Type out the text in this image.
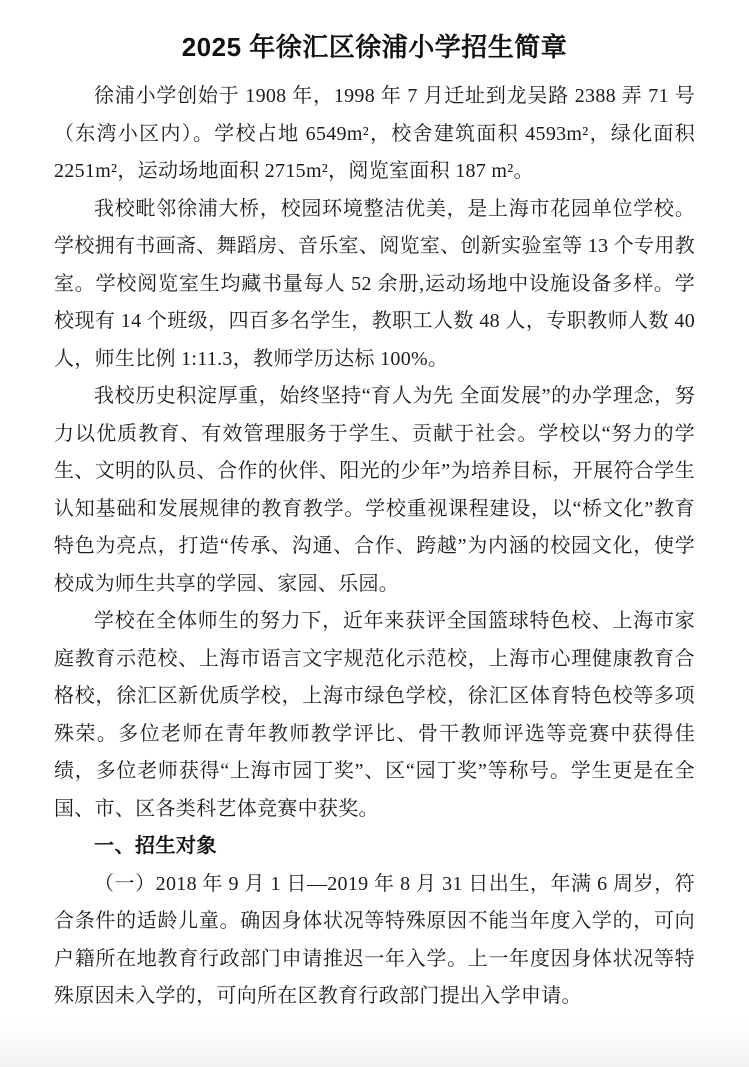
2025 年徐汇区徐浦小学招生简章

徐浦小学创始于 1908 年，1998 年 7 月迁址到龙吴路 2388 弄 71 号（东湾小区内）。学校占地 6549m²，校舍建筑面积 4593m²，绿化面积 2251m²，运动场地面积 2715m²，阅览室面积 187 m²。

我校毗邻徐浦大桥，校园环境整洁优美，是上海市花园单位学校。学校拥有书画斋、舞蹈房、音乐室、阅览室、创新实验室等 13 个专用教室。学校阅览室生均藏书量每人 52 余册,运动场地中设施设备多样。学校现有 14 个班级，四百多名学生，教职工人数 48 人，专职教师人数 40 人，师生比例 1:11.3，教师学历达标 100%。

我校历史积淀厚重，始终坚持“育人为先 全面发展”的办学理念，努力以优质教育、有效管理服务于学生、贡献于社会。学校以“努力的学生、文明的队员、合作的伙伴、阳光的少年”为培养目标，开展符合学生认知基础和发展规律的教育教学。学校重视课程建设，以“桥文化”教育特色为亮点，打造“传承、沟通、合作、跨越”为内涵的校园文化，使学校成为师生共享的学园、家园、乐园。

学校在全体师生的努力下，近年来获评全国篮球特色校、上海市家庭教育示范校、上海市语言文字规范化示范校，上海市心理健康教育合格校，徐汇区新优质学校，上海市绿色学校，徐汇区体育特色校等多项殊荣。多位老师在青年教师教学评比、骨干教师评选等竞赛中获得佳绩，多位老师获得“上海市园丁奖”、区“园丁奖”等称号。学生更是在全国、市、区各类科艺体竞赛中获奖。

一、招生对象

（一）2018 年 9 月 1 日—2019 年 8 月 31 日出生，年满 6 周岁，符合条件的适龄儿童。确因身体状况等特殊原因不能当年度入学的，可向户籍所在地教育行政部门申请推迟一年入学。上一年度因身体状况等特殊原因未入学的，可向所在区教育行政部门提出入学申请。
